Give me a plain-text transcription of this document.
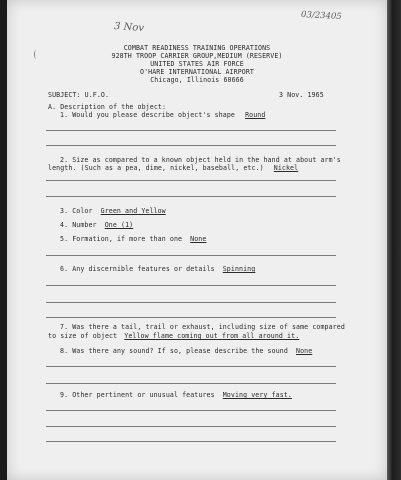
3 Nov
03/23405
COMBAT READINESS TRAINING OPERATIONS
928TH TROOP CARRIER GROUP,MEDIUM (RESERVE)
UNITED STATES AIR FORCE
O'HARE INTERNATIONAL AIRPORT
Chicago, Illinois 60666
SUBJECT: U.F.O.	3 Nov. 1965
A. Description of the object:
1. Would you please describe object's shape Round
2. Size as compared to a known object held in the hand at about arm's
length. (Such as a pea, dime, nickel, baseball, etc.) Nickel
3. Color Green and Yellow
4. Number One (1)
5. Formation, if more than one None
6. Any discernible features or details Spinning
7. Was there a tail, trail or exhaust, including size of same compared
to size of object Yellow flame coming out from all around it.
8. Was there any sound? If so, please describe the sound None
9. Other pertinent or unusual features Moving very fast.
